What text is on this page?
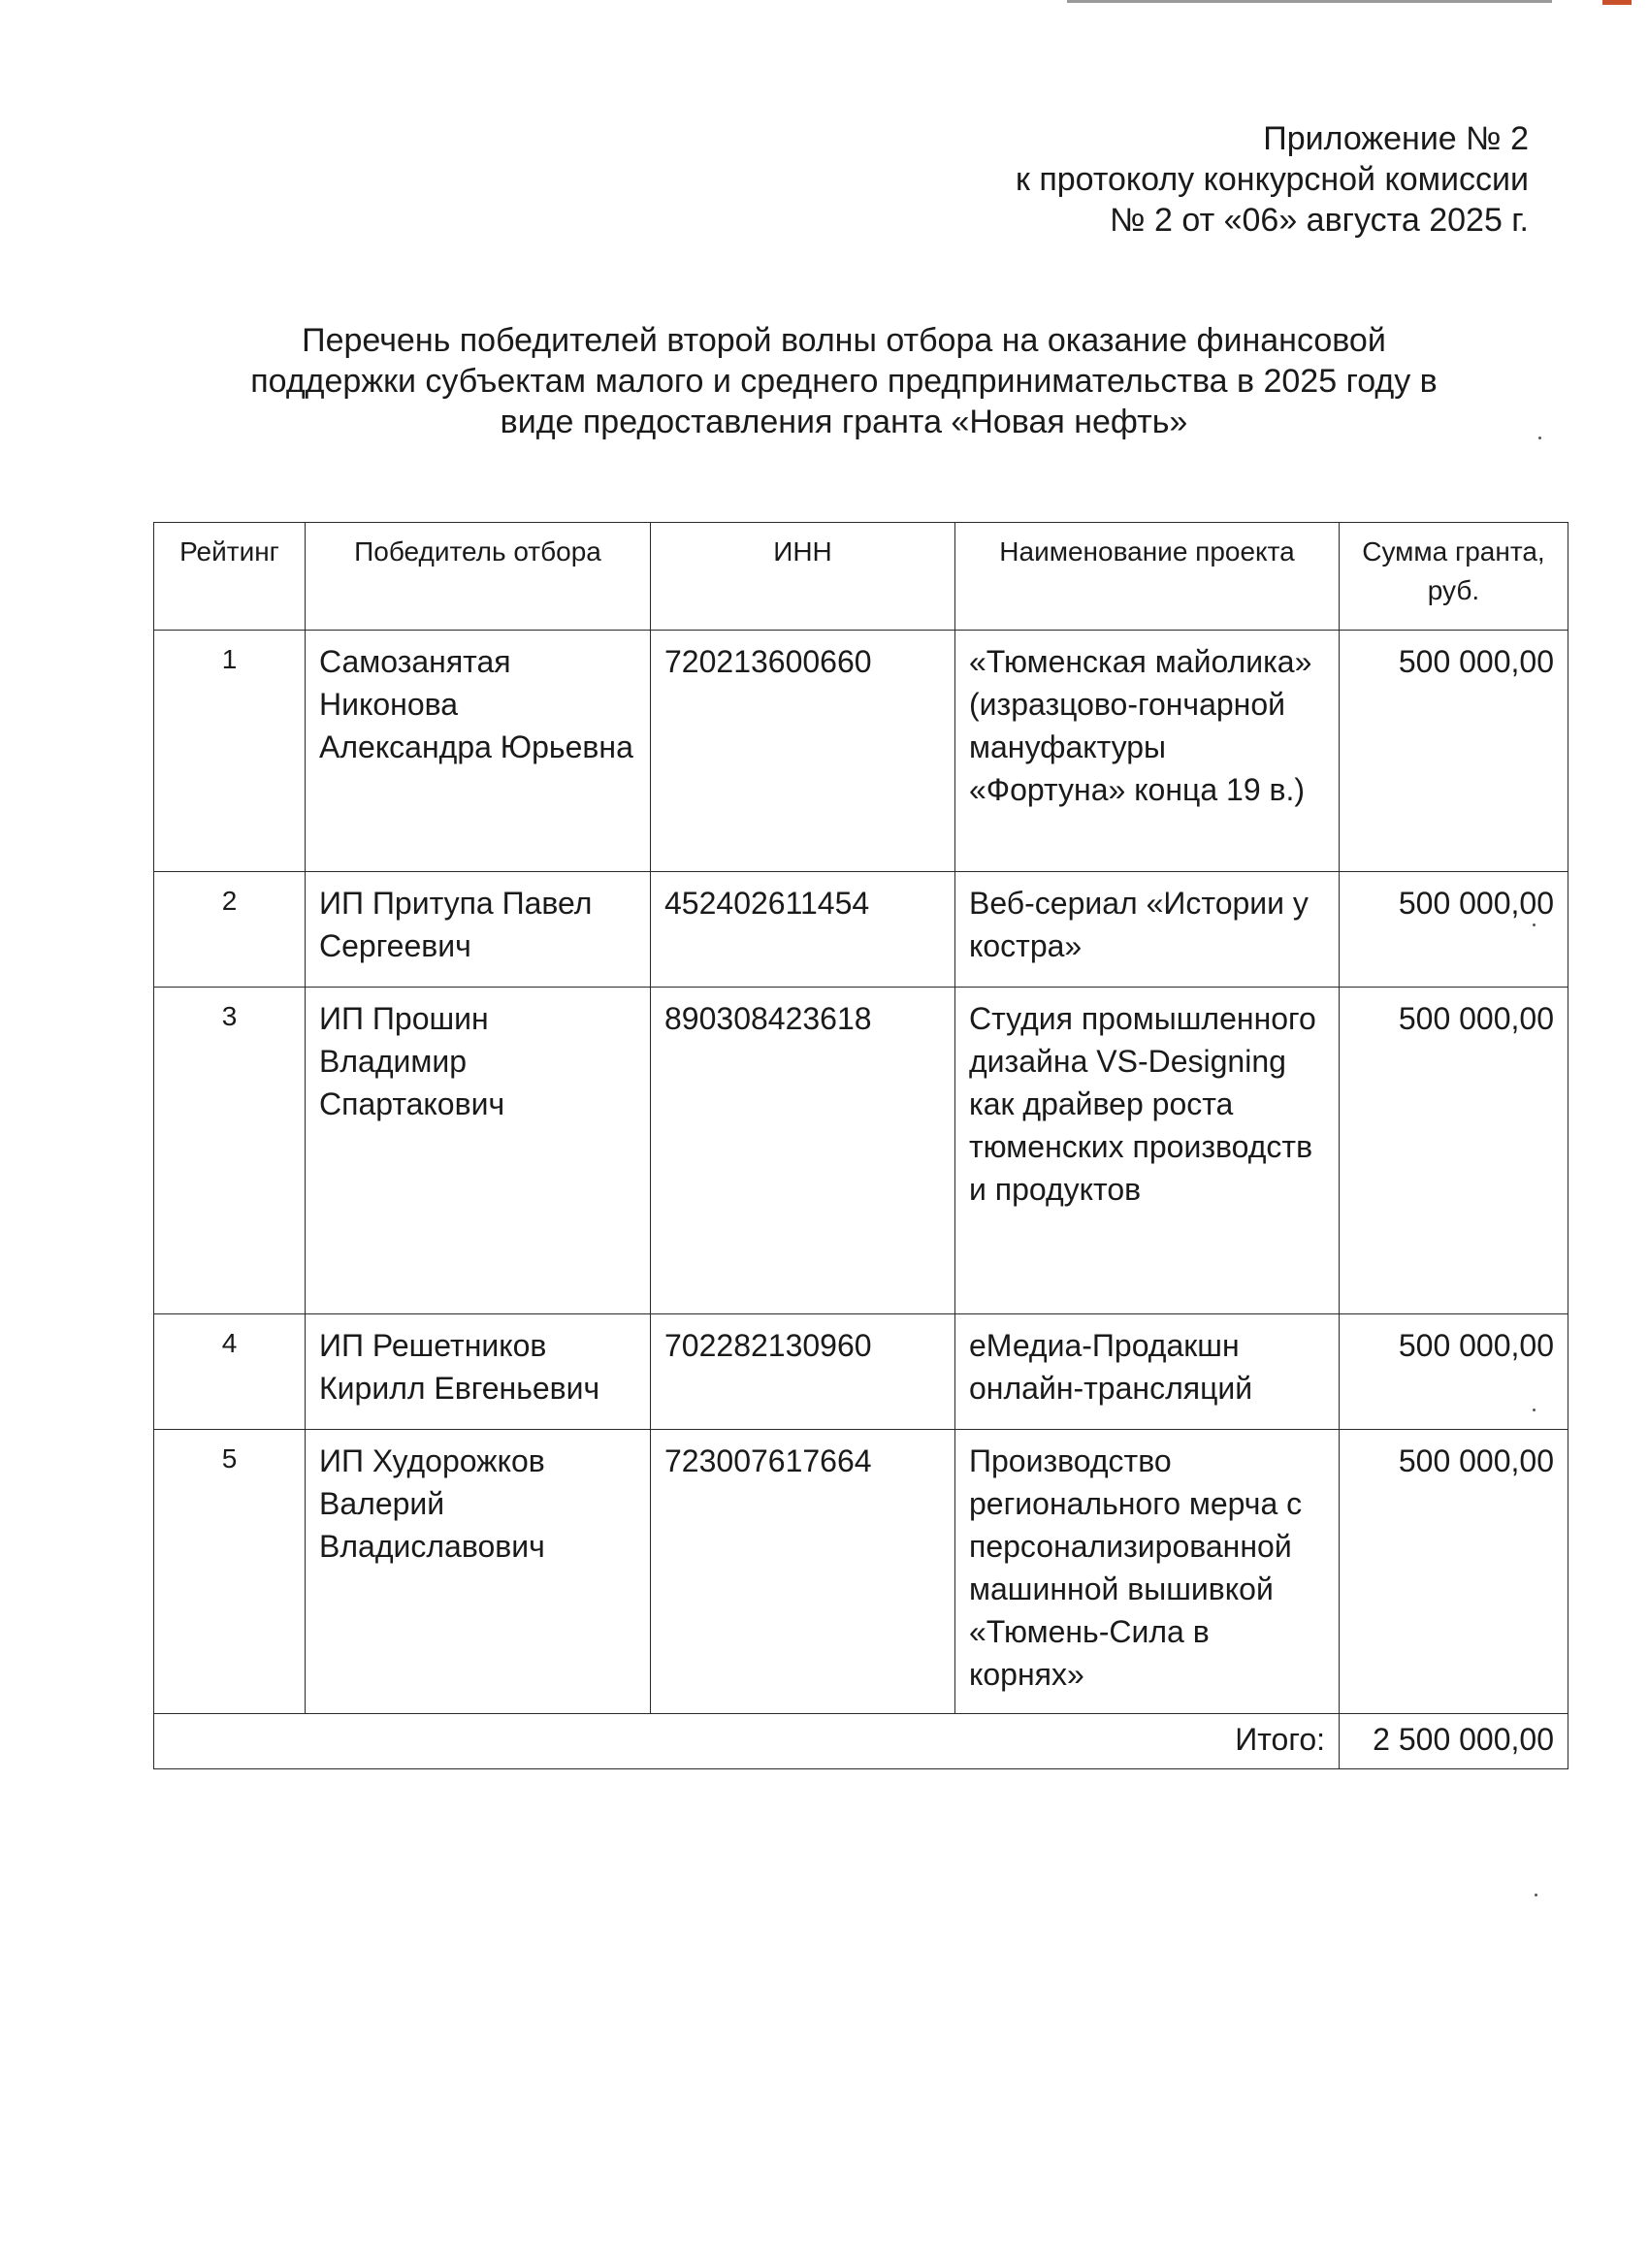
Приложение № 2
к протоколу конкурсной комиссии
№ 2 от «06» августа 2025 г.
Перечень победителей второй волны отбора на оказание финансовой
поддержки субъектам малого и среднего предпринимательства в 2025 году в
виде предоставления гранта «Новая нефть»
Рейтинг	Победитель отбора	ИНН	Наименование проекта	Сумма гранта, руб.
1	Самозанятая Никонова Александра Юрьевна	720213600660	«Тюменская майолика» (изразцово-гончарной мануфактуры «Фортуна» конца 19 в.)	500 000,00
2	ИП Притупа Павел Сергеевич	452402611454	Веб-сериал «Истории у костра»	500 000,00
3	ИП Прошин Владимир Спартакович	890308423618	Студия промышленного дизайна VS-Designing как драйвер роста тюменских производств и продуктов	500 000,00
4	ИП Решетников Кирилл Евгеньевич	702282130960	еМедиа-Продакшн онлайн-трансляций	500 000,00
5	ИП Худорожков Валерий Владиславович	723007617664	Производство регионального мерча с персонализированной машинной вышивкой «Тюмень-Сила в корнях»	500 000,00
Итого:				2 500 000,00
